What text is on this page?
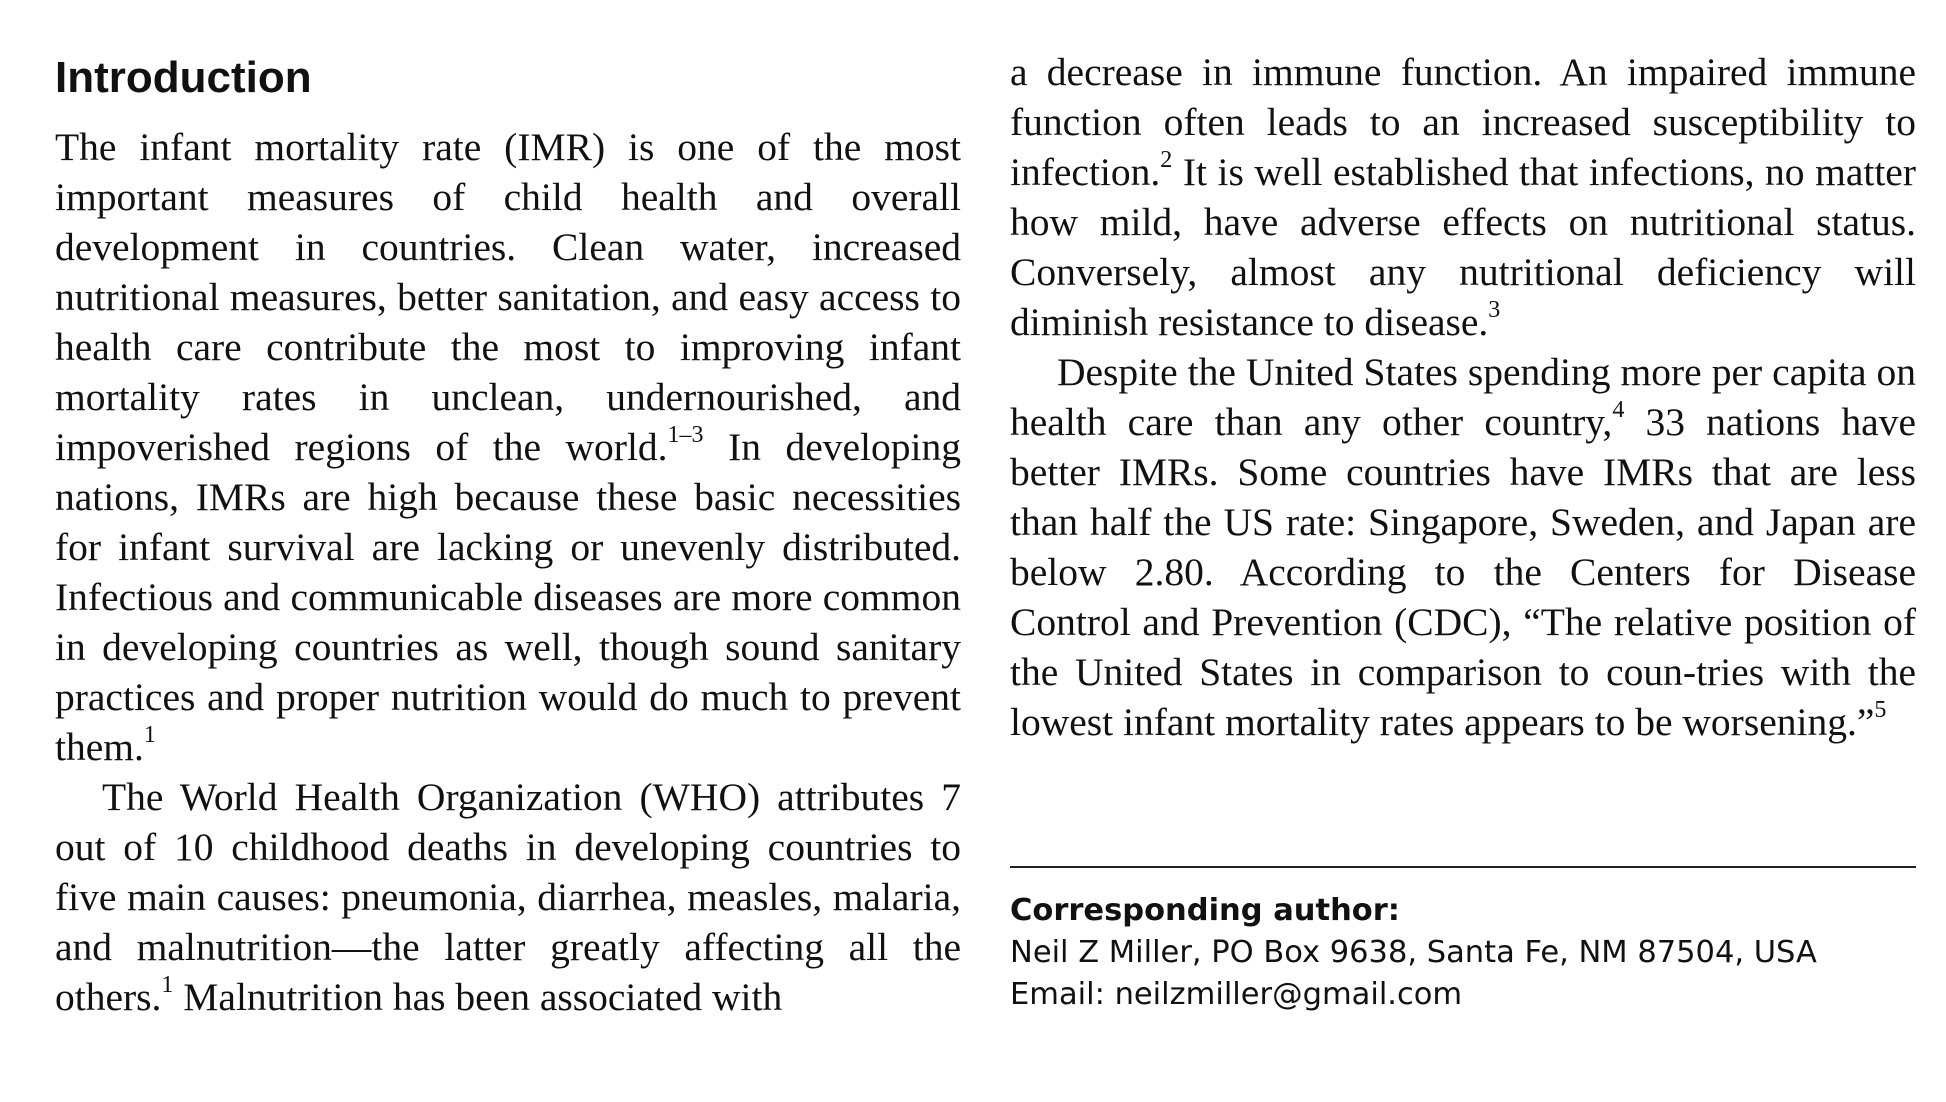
Introduction

The infant mortality rate (IMR) is one of the most important measures of child health and overall development in countries. Clean water, increased nutritional measures, better sanitation, and easy access to health care contribute the most to improving infant mortality rates in unclean, undernourished, and impoverished regions of the world.$^{1-3}$ In developing nations, IMRs are high because these basic necessities for infant survival are lacking or unevenly distributed. Infectious and communicable diseases are more common in developing countries as well, though sound sanitary practices and proper nutrition would do much to prevent them.$^1$

The World Health Organization (WHO) attributes 7 out of 10 childhood deaths in developing countries to five main causes: pneumonia, diarrhea, measles, malaria, and malnutrition—the latter greatly affecting all the others.$^1$ Malnutrition has been associated with

a decrease in immune function. An impaired immune function often leads to an increased susceptibility to infection.$^2$ It is well established that infections, no matter how mild, have adverse effects on nutritional status. Conversely, almost any nutritional deficiency will diminish resistance to disease.$^3$

Despite the United States spending more per capita on health care than any other country,$^4$ 33 nations have better IMRs. Some countries have IMRs that are less than half the US rate: Singapore, Sweden, and Japan are below 2.80. According to the Centers for Disease Control and Prevention (CDC), “The relative position of the United States in comparison to coun-tries with the lowest infant mortality rates appears to be worsening.”$^5$

Corresponding author:
Neil Z Miller, PO Box 9638, Santa Fe, NM 87504, USA
Email: neilzmiller@gmail.com
